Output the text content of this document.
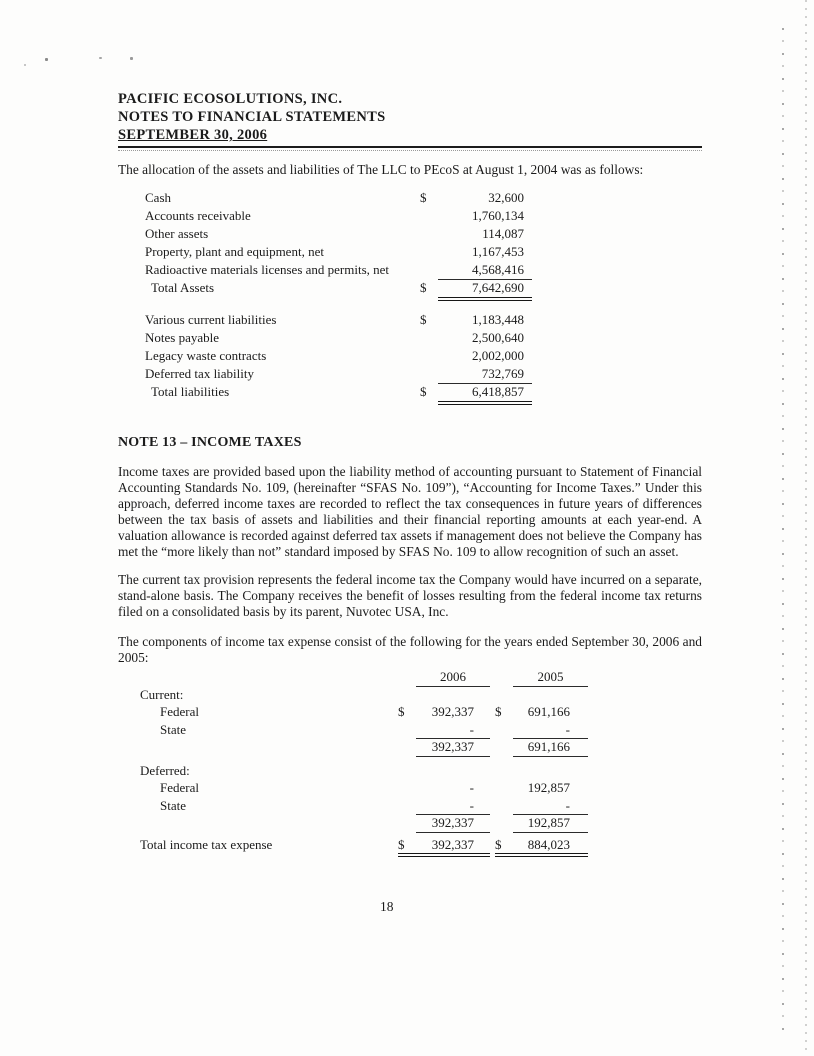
PACIFIC ECOSOLUTIONS, INC.
NOTES TO FINANCIAL STATEMENTS
SEPTEMBER 30, 2006
The allocation of the assets and liabilities of The LLC to PEcoS at August 1, 2004 was as follows:
Cash	$	32,600
Accounts receivable	1,760,134
Other assets	114,087
Property, plant and equipment, net	1,167,453
Radioactive materials licenses and permits, net	4,568,416
Total Assets	$	7,642,690
Various current liabilities	$	1,183,448
Notes payable	2,500,640
Legacy waste contracts	2,002,000
Deferred tax liability	732,769
Total liabilities	$	6,418,857
NOTE 13 – INCOME TAXES
Income taxes are provided based upon the liability method of accounting pursuant to Statement of Financial Accounting Standards No. 109, (hereinafter “SFAS No. 109”), “Accounting for Income Taxes.” Under this approach, deferred income taxes are recorded to reflect the tax consequences in future years of differences between the tax basis of assets and liabilities and their financial reporting amounts at each year-end. A valuation allowance is recorded against deferred tax assets if management does not believe the Company has met the “more likely than not” standard imposed by SFAS No. 109 to allow recognition of such an asset.
The current tax provision represents the federal income tax the Company would have incurred on a separate, stand-alone basis. The Company receives the benefit of losses resulting from the federal income tax returns filed on a consolidated basis by its parent, Nuvotec USA, Inc.
The components of income tax expense consist of the following for the years ended September 30, 2006 and 2005:
2006	2005
Current:
Federal	$	392,337	$	691,166
State	-	-
392,337	691,166
Deferred:
Federal	-	192,857
State	-	-
392,337	192,857
Total income tax expense	$	392,337	$	884,023
18
